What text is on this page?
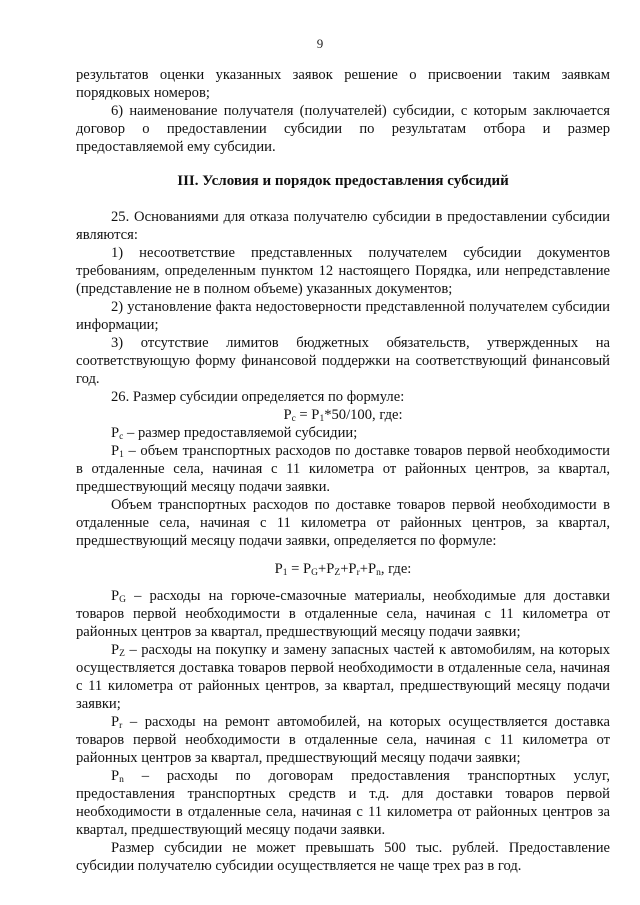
9

результатов оценки указанных заявок решение о присвоении таким заявкам порядковых номеров;

6) наименование получателя (получателей) субсидии, с которым заключается договор о предоставлении субсидии по результатам отбора и размер предоставляемой ему субсидии.

III. Условия и порядок предоставления субсидий

25. Основаниями для отказа получателю субсидии в предоставлении субсидии являются:

1) несоответствие представленных получателем субсидии документов требованиям, определенным пунктом 12 настоящего Порядка, или непредставление (представление не в полном объеме) указанных документов;

2) установление факта недостоверности представленной получателем субсидии информации;

3) отсутствие лимитов бюджетных обязательств, утвержденных на соответствующую форму финансовой поддержки на соответствующий финансовый год.

26. Размер субсидии определяется по формуле:

$P_c = P_1*50/100$, где:

$P_c$ – размер предоставляемой субсидии;

$P_1$ – объем транспортных расходов по доставке товаров первой необходимости в отдаленные села, начиная с 11 километра от районных центров, за квартал, предшествующий месяцу подачи заявки.

Объем транспортных расходов по доставке товаров первой необходимости в отдаленные села, начиная с 11 километра от районных центров, за квартал, предшествующий месяцу подачи заявки, определяется по формуле:

$P_1 = P_G+P_Z+P_r+P_n$, где:

$P_G$ – расходы на горюче-смазочные материалы, необходимые для доставки товаров первой необходимости в отдаленные села, начиная с 11 километра от районных центров за квартал, предшествующий месяцу подачи заявки;

$P_Z$ – расходы на покупку и замену запасных частей к автомобилям, на которых осуществляется доставка товаров первой необходимости в отдаленные села, начиная с 11 километра от районных центров, за квартал, предшествующий месяцу подачи заявки;

$P_r$ – расходы на ремонт автомобилей, на которых осуществляется доставка товаров первой необходимости в отдаленные села, начиная с 11 километра от районных центров за квартал, предшествующий месяцу подачи заявки;

$P_n$ – расходы по договорам предоставления транспортных услуг, предоставления транспортных средств и т.д. для доставки товаров первой необходимости в отдаленные села, начиная с 11 километра от районных центров за квартал, предшествующий месяцу подачи заявки.

Размер субсидии не может превышать 500 тыс. рублей. Предоставление субсидии получателю субсидии осуществляется не чаще трех раз в год.
